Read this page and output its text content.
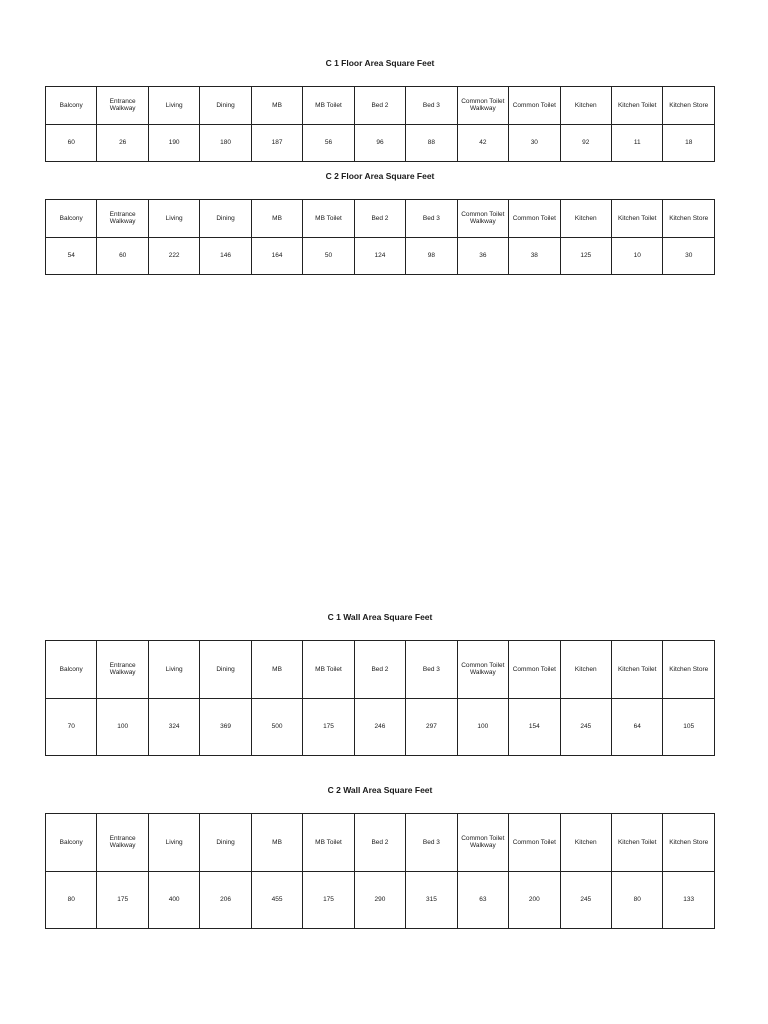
C 1 Floor Area Square Feet
Balcony	Entrance Walkway	Living	Dining	MB	MB Toilet	Bed 2	Bed 3	Common Toilet Walkway	Common Toilet	Kitchen	Kitchen Toilet	Kitchen Store
60	26	190	180	187	56	96	88	42	30	92	11	18
C 2 Floor Area Square Feet
Balcony	Entrance Walkway	Living	Dining	MB	MB Toilet	Bed 2	Bed 3	Common Toilet Walkway	Common Toilet	Kitchen	Kitchen Toilet	Kitchen Store
54	60	222	146	164	50	124	98	36	38	125	10	30
C 1 Wall Area Square Feet
Balcony	Entrance Walkway	Living	Dining	MB	MB Toilet	Bed 2	Bed 3	Common Toilet Walkway	Common Toilet	Kitchen	Kitchen Toilet	Kitchen Store
70	100	324	369	500	175	246	297	100	154	245	64	105
C 2 Wall Area Square Feet
Balcony	Entrance Walkway	Living	Dining	MB	MB Toilet	Bed 2	Bed 3	Common Toilet Walkway	Common Toilet	Kitchen	Kitchen Toilet	Kitchen Store
80	175	400	206	455	175	290	315	63	200	245	80	133
